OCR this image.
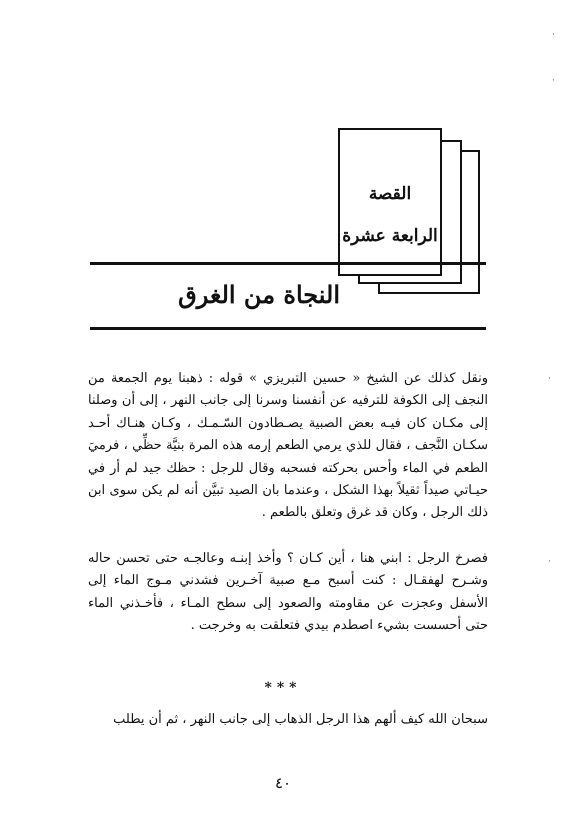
·
·
·
·
القصة
الرابعة عشرة
النجاة من الغرق

ونقل كذلك عن الشيخ « حسين التبريزي » قوله : ذهبنا يوم الجمعة من النجف إلى الكوفة للترفيه عن أنفسنا وسرنا إلى جانب النهر ، إلى أن وصلنا إلى مكـان كان فيـه بعض الصبية يصـطادون السّـمـك ، وكـان هنـاك أحـد سكـان النَّجف ، فقال للذي يرمي الطعم إرمه هذه المرة بنيَّة حظِّي ، فرميَ الطعم في الماء وأحس بحركته فسحبه وقال للرجل : حظك جيد لم أر في حيـاتي صيداً ثقيلاً بهذا الشكل ، وعندما بان الصيد تبيَّن أنه لم يكن سوى ابن ذلك الرجل ، وكان قد غرق وتعلق بالطعم .

فصرخ الرجل : ابني هنا ، أين كـان ؟ وأخذ إبنـه وعالجـه حتى تحسن حاله وشـرح لهفقـال : كنت أسبح مـع صبية آخـرين فشدني مـوج الماء إلى الأسفل وعجزت عن مقاومته والصعود إلى سطح المـاء ، فأخـذني الماء حتى أحسست بشيء اصطدم بيدي فتعلقت به وخرجت .

***

سبحان الله كيف ألهم هذا الرجل الذهاب إلى جانب النهر ، ثم أن يطلب

٤٠
